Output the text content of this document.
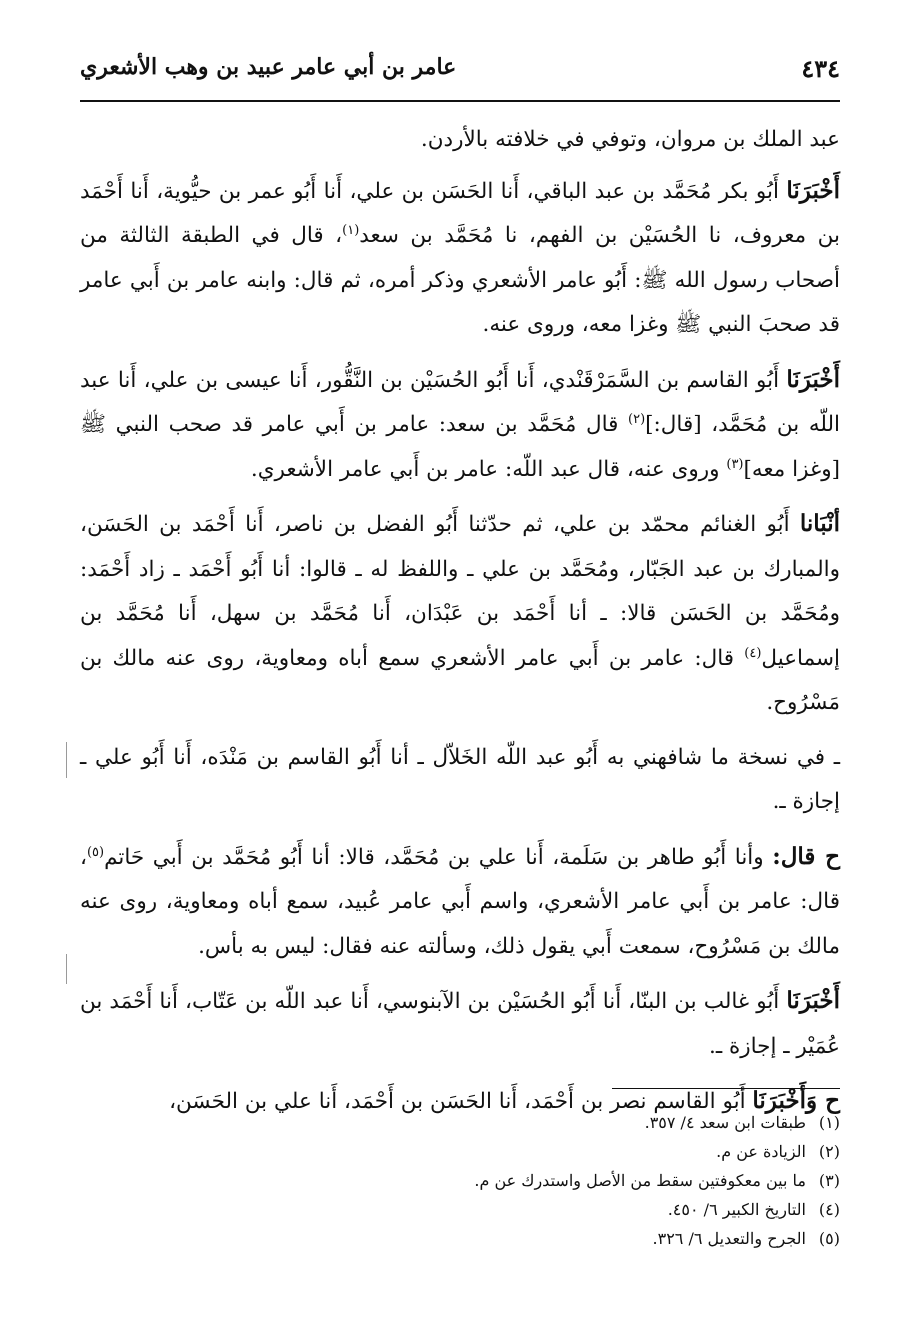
٤٣٤
عامر بن أبي عامر عبيد بن وهب الأشعري

عبد الملك بن مروان، وتوفي في خلافته بالأردن.

أَخْبَرَنَا أَبُو بكر مُحَمَّد بن عبد الباقي، أَنا الحَسَن بن علي، أَنا أَبُو عمر بن حيُّوية، أَنا أَحْمَد بن معروف، نا الحُسَيْن بن الفهم، نا مُحَمَّد بن سعد$^{(١)}$، قال في الطبقة الثالثة من أصحاب رسول الله ﷺ: أَبُو عامر الأشعري وذكر أمره، ثم قال: وابنه عامر بن أَبي عامر قد صحبَ النبي ﷺ وغزا معه، وروى عنه.

أَخْبَرَنَا أَبُو القاسم بن السَّمَرْقَنْدي، أَنا أَبُو الحُسَيْن بن النَّقُّور، أَنا عيسى بن علي، أَنا عبد اللّه بن مُحَمَّد، [قال:]$^{(٢)}$ قال مُحَمَّد بن سعد: عامر بن أَبي عامر قد صحب النبي ﷺ [وغزا معه]$^{(٣)}$ وروى عنه، قال عبد اللّه: عامر بن أَبي عامر الأشعري.

أنْبَانا أَبُو الغنائم محمّد بن علي، ثم حدّثنا أَبُو الفضل بن ناصر، أَنا أَحْمَد بن الحَسَن، والمبارك بن عبد الجَبّار، ومُحَمَّد بن علي ـ واللفظ له ـ قالوا: أنا أَبُو أَحْمَد ـ زاد أَحْمَد: ومُحَمَّد بن الحَسَن قالا: ـ أنا أَحْمَد بن عَبْدَان، أَنا مُحَمَّد بن سهل، أَنا مُحَمَّد بن إسماعيل$^{(٤)}$ قال: عامر بن أَبي عامر الأشعري سمع أباه ومعاوية، روى عنه مالك بن مَسْرُوح.

ـ في نسخة ما شافهني به أَبُو عبد اللّه الخَلاّل ـ أنا أَبُو القاسم بن مَنْدَه، أَنا أَبُو علي ـ إجازة ـ.

ح قال: وأنا أَبُو طاهر بن سَلَمة، أَنا علي بن مُحَمَّد، قالا: أنا أَبُو مُحَمَّد بن أَبي حَاتم$^{(٥)}$، قال: عامر بن أَبي عامر الأشعري، واسم أَبي عامر عُبيد، سمع أباه ومعاوية، روى عنه مالك بن مَسْرُوح، سمعت أَبي يقول ذلك، وسألته عنه فقال: ليس به بأس.

أَخْبَرَنَا أَبُو غالب بن البنّا، أَنا أَبُو الحُسَيْن بن الآبنوسي، أَنا عبد اللّه بن عَتّاب، أَنا أَحْمَد بن عُمَيْر ـ إجازة ـ.

ح وَأَخْبَرَنَا أَبُو القاسم نصر بن أَحْمَد، أَنا الحَسَن بن أَحْمَد، أَنا علي بن الحَسَن،

(١)
طبقات ابن سعد ٤/ ٣٥٧.
(٢)
الزيادة عن م.
(٣)
ما بين معكوفتين سقط من الأصل واستدرك عن م.
(٤)
التاريخ الكبير ٦/ ٤٥٠.
(٥)
الجرح والتعديل ٦/ ٣٢٦.
